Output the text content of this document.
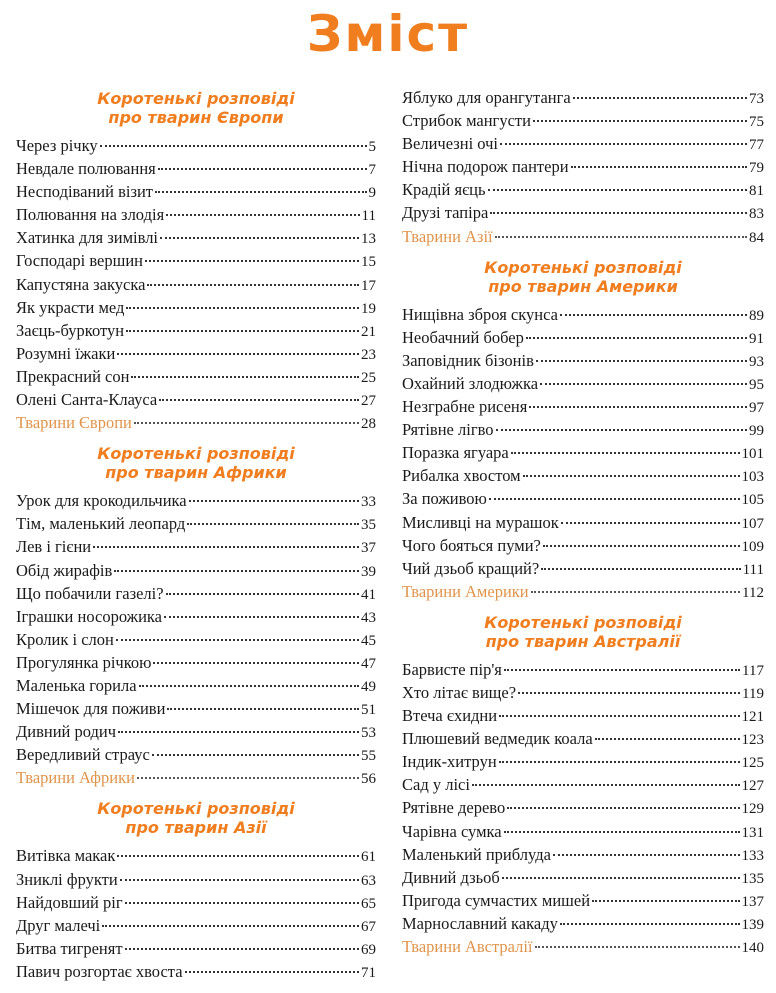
Зміст
Коротенькі розповіді
про тварин Європи
Через річку	5
Невдале полювання	7
Несподіваний візит	9
Полювання на злодія	11
Хатинка для зимівлі	13
Господарі вершин	15
Капустяна закуска	17
Як украсти мед	19
Заєць-буркотун	21
Розумні їжаки	23
Прекрасний сон	25
Олені Санта-Клауса	27
Тварини Європи	28
Коротенькі розповіді
про тварин Африки
Урок для крокодильчика	33
Тім, маленький леопард	35
Лев і гієни	37
Обід жирафів	39
Що побачили газелі?	41
Іграшки носорожика	43
Кролик і слон	45
Прогулянка річкою	47
Маленька горила	49
Мішечок для поживи	51
Дивний родич	53
Вередливий страус	55
Тварини Африки	56
Коротенькі розповіді
про тварин Азії
Витівка макак	61
Зниклі фрукти	63
Найдовший ріг	65
Друг малечі	67
Битва тигренят	69
Павич розгортає хвоста	71
Яблуко для орангутанга	73
Стрибок мангусти	75
Величезні очі	77
Нічна подорож пантери	79
Крадій яєць	81
Друзі тапіра	83
Тварини Азії	84
Коротенькі розповіді
про тварин Америки
Нищівна зброя скунса	89
Необачний бобер	91
Заповідник бізонів	93
Охайний злодюжка	95
Незграбне рисеня	97
Рятівне лігво	99
Поразка ягуара	101
Рибалка хвостом	103
За поживою	105
Мисливці на мурашок	107
Чого бояться пуми?	109
Чий дзьоб кращий?	111
Тварини Америки	112
Коротенькі розповіді
про тварин Австралії
Барвисте пір'я	117
Хто літає вище?	119
Втеча єхидни	121
Плюшевий ведмедик коала	123
Індик-хитрун	125
Сад у лісі	127
Рятівне дерево	129
Чарівна сумка	131
Маленький приблуда	133
Дивний дзьоб	135
Пригода сумчастих мишей	137
Марнославний какаду	139
Тварини Австралії	140
